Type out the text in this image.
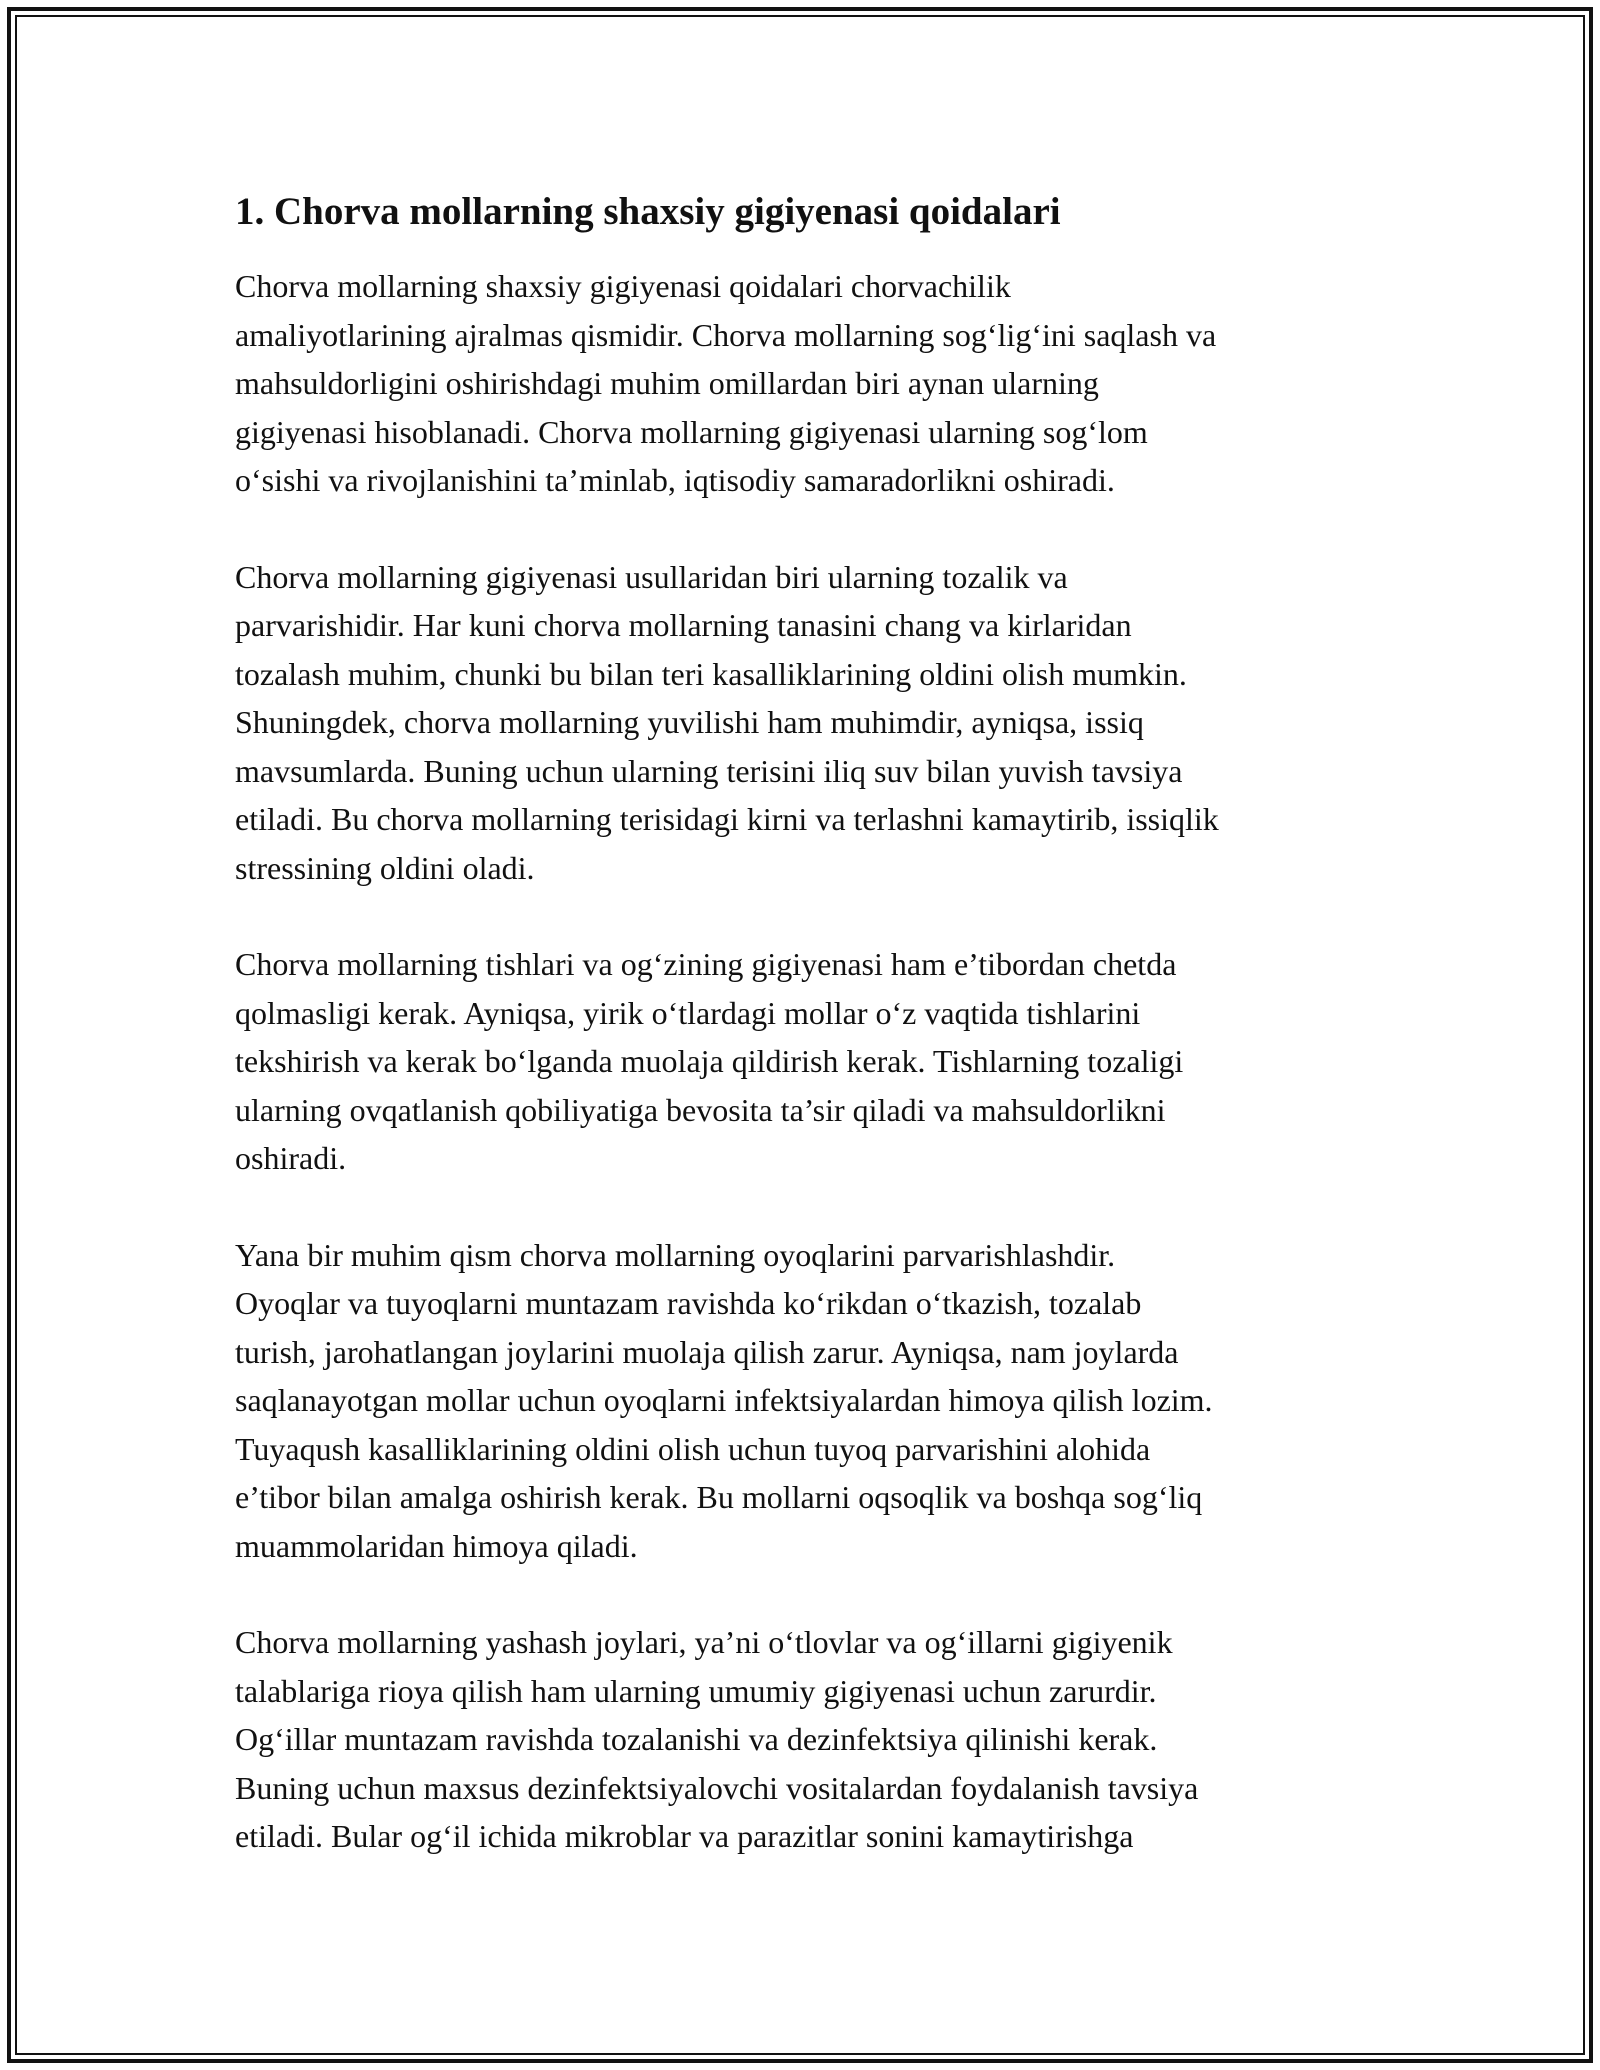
1. Chorva mollarning shaxsiy gigiyenasi qoidalari

Chorva mollarning shaxsiy gigiyenasi qoidalari chorvachilik
amaliyotlarining ajralmas qismidir. Chorva mollarning sog‘lig‘ini saqlash va
mahsuldorligini oshirishdagi muhim omillardan biri aynan ularning
gigiyenasi hisoblanadi. Chorva mollarning gigiyenasi ularning sog‘lom
o‘sishi va rivojlanishini ta’minlab, iqtisodiy samaradorlikni oshiradi.

Chorva mollarning gigiyenasi usullaridan biri ularning tozalik va
parvarishidir. Har kuni chorva mollarning tanasini chang va kirlaridan
tozalash muhim, chunki bu bilan teri kasalliklarining oldini olish mumkin.
Shuningdek, chorva mollarning yuvilishi ham muhimdir, ayniqsa, issiq
mavsumlarda. Buning uchun ularning terisini iliq suv bilan yuvish tavsiya
etiladi. Bu chorva mollarning terisidagi kirni va terlashni kamaytirib, issiqlik
stressining oldini oladi.

Chorva mollarning tishlari va og‘zining gigiyenasi ham e’tibordan chetda
qolmasligi kerak. Ayniqsa, yirik o‘tlardagi mollar o‘z vaqtida tishlarini
tekshirish va kerak bo‘lganda muolaja qildirish kerak. Tishlarning tozaligi
ularning ovqatlanish qobiliyatiga bevosita ta’sir qiladi va mahsuldorlikni
oshiradi.

Yana bir muhim qism chorva mollarning oyoqlarini parvarishlashdir.
Oyoqlar va tuyoqlarni muntazam ravishda ko‘rikdan o‘tkazish, tozalab
turish, jarohatlangan joylarini muolaja qilish zarur. Ayniqsa, nam joylarda
saqlanayotgan mollar uchun oyoqlarni infektsiyalardan himoya qilish lozim.
Tuyaqush kasalliklarining oldini olish uchun tuyoq parvarishini alohida
e’tibor bilan amalga oshirish kerak. Bu mollarni oqsoqlik va boshqa sog‘liq
muammolaridan himoya qiladi.

Chorva mollarning yashash joylari, ya’ni o‘tlovlar va og‘illarni gigiyenik
talablariga rioya qilish ham ularning umumiy gigiyenasi uchun zarurdir.
Og‘illar muntazam ravishda tozalanishi va dezinfektsiya qilinishi kerak.
Buning uchun maxsus dezinfektsiyalovchi vositalardan foydalanish tavsiya
etiladi. Bular og‘il ichida mikroblar va parazitlar sonini kamaytirishga
